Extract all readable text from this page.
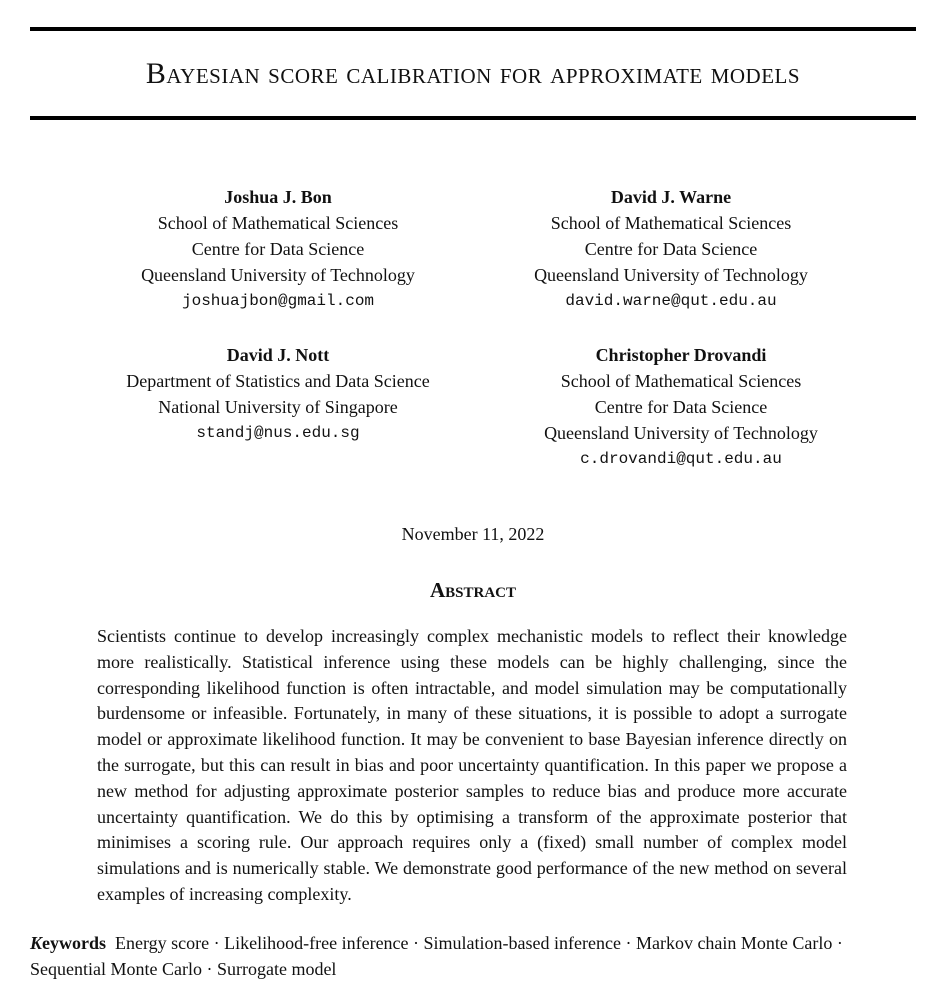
Bayesian score calibration for approximate models
Joshua J. Bon
School of Mathematical Sciences
Centre for Data Science
Queensland University of Technology
joshuajbon@gmail.com
David J. Warne
School of Mathematical Sciences
Centre for Data Science
Queensland University of Technology
david.warne@qut.edu.au
David J. Nott
Department of Statistics and Data Science
National University of Singapore
standj@nus.edu.sg
Christopher Drovandi
School of Mathematical Sciences
Centre for Data Science
Queensland University of Technology
c.drovandi@qut.edu.au
November 11, 2022
Abstract
Scientists continue to develop increasingly complex mechanistic models to reflect their knowledge more realistically. Statistical inference using these models can be highly challenging, since the corresponding likelihood function is often intractable, and model simulation may be computationally burdensome or infeasible. Fortunately, in many of these situations, it is possible to adopt a surrogate model or approximate likelihood function. It may be convenient to base Bayesian inference directly on the surrogate, but this can result in bias and poor uncertainty quantification. In this paper we propose a new method for adjusting approximate posterior samples to reduce bias and produce more accurate uncertainty quantification. We do this by optimising a transform of the approximate posterior that minimises a scoring rule. Our approach requires only a (fixed) small number of complex model simulations and is numerically stable. We demonstrate good performance of the new method on several examples of increasing complexity.
Keywords Energy score · Likelihood-free inference · Simulation-based inference · Markov chain Monte Carlo · Sequential Monte Carlo · Surrogate model
